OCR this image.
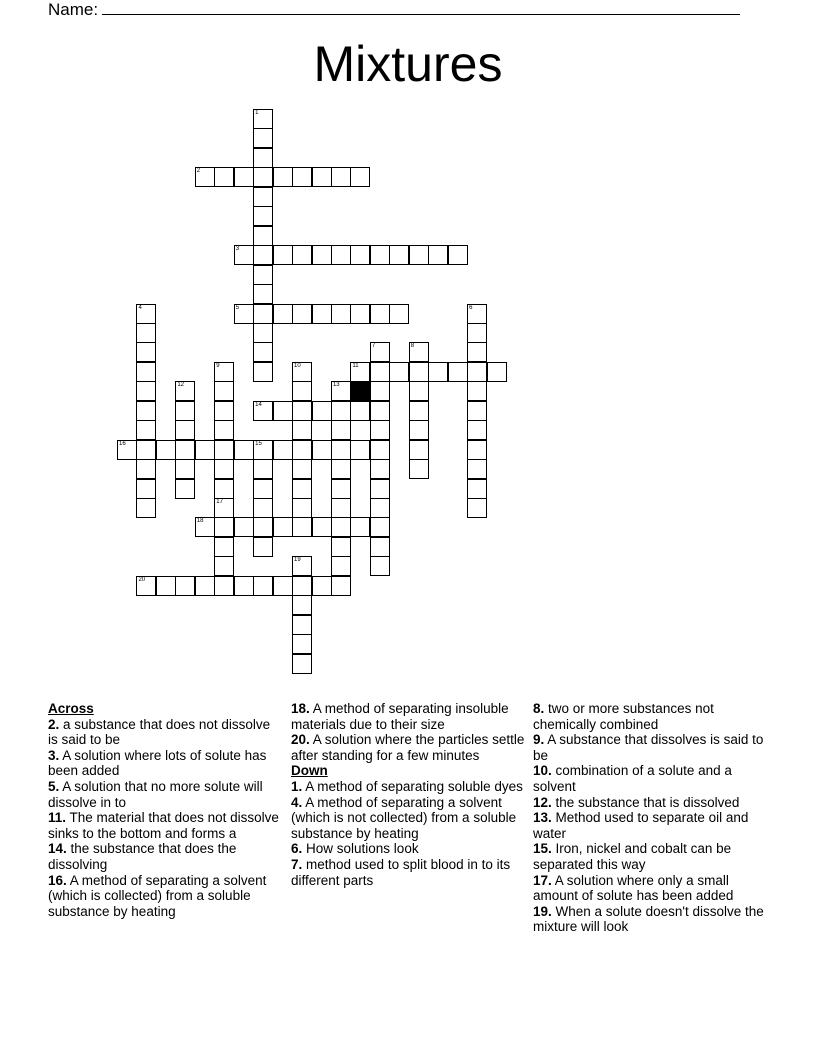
Name:
Mixtures
2
3
5
11
14
16	15
18
20
1
4	6
7	8
9	10
12	13
17
19
Across
2. a substance that does not dissolve is said to be
3. A solution where lots of solute has been added
5. A solution that no more solute will dissolve in to
11. The material that does not dissolve sinks to the bottom and forms a
14. the substance that does the dissolving
16. A method of separating a solvent (which is collected) from a soluble substance by heating
18. A method of separating insoluble materials due to their size
20. A solution where the particles settle after standing for a few minutes
Down
1. A method of separating soluble dyes
4. A method of separating a solvent (which is not collected) from a soluble substance by heating
6. How solutions look
7. method used to split blood in to its different parts
8. two or more substances not chemically combined
9. A substance that dissolves is said to be
10. combination of a solute and a solvent
12. the substance that is dissolved
13. Method used to separate oil and water
15. Iron, nickel and cobalt can be separated this way
17. A solution where only a small amount of solute has been added
19. When a solute doesn't dissolve the mixture will look
